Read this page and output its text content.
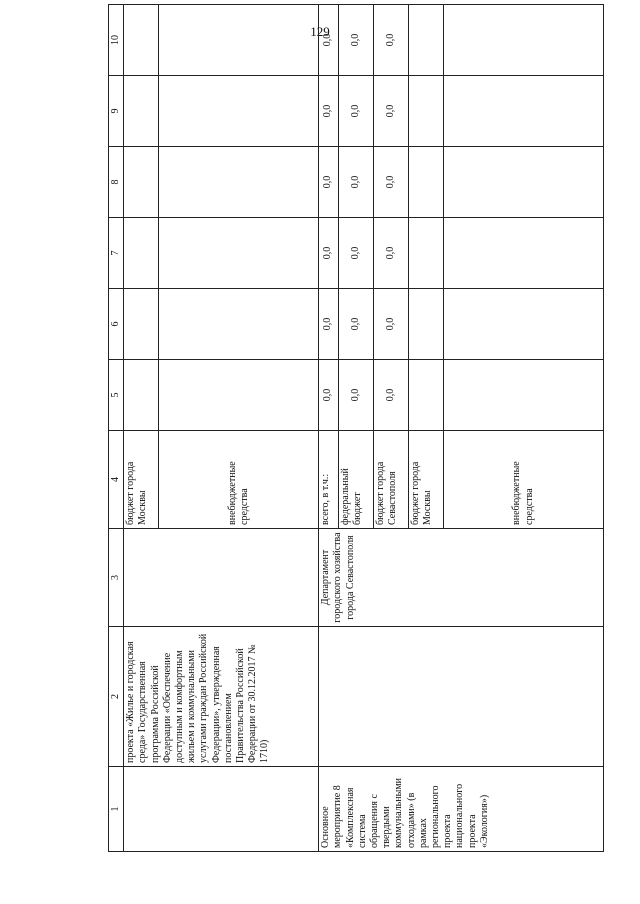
129
1	2	3	4	5	6	7	8	9	10
	проекта «Жилье и городская среда» Государственная программа Российской Федерации «Обеспечение доступным и комфортным жильем и коммунальными услугами граждан Российской Федерации», утвержденная постановлением Правительства Российской Федерации от 30.12.2017 № 1710)		бюджет города Москвы						
			внебюджетные средства						
Основное мероприятие 8 «Комплексная система обращения с твердыми коммунальными отходами» (в рамках регионального проекта национального проекта «Экология»)		Департамент городского хозяйства города Севастополя	всего, в т.ч.:	0,0	0,0	0,0	0,0	0,0	0,0
			федеральный бюджет	0,0	0,0	0,0	0,0	0,0	0,0
			бюджет города Севастополя	0,0	0,0	0,0	0,0	0,0	0,0
			бюджет города Москвы						
			внебюджетные средства						
